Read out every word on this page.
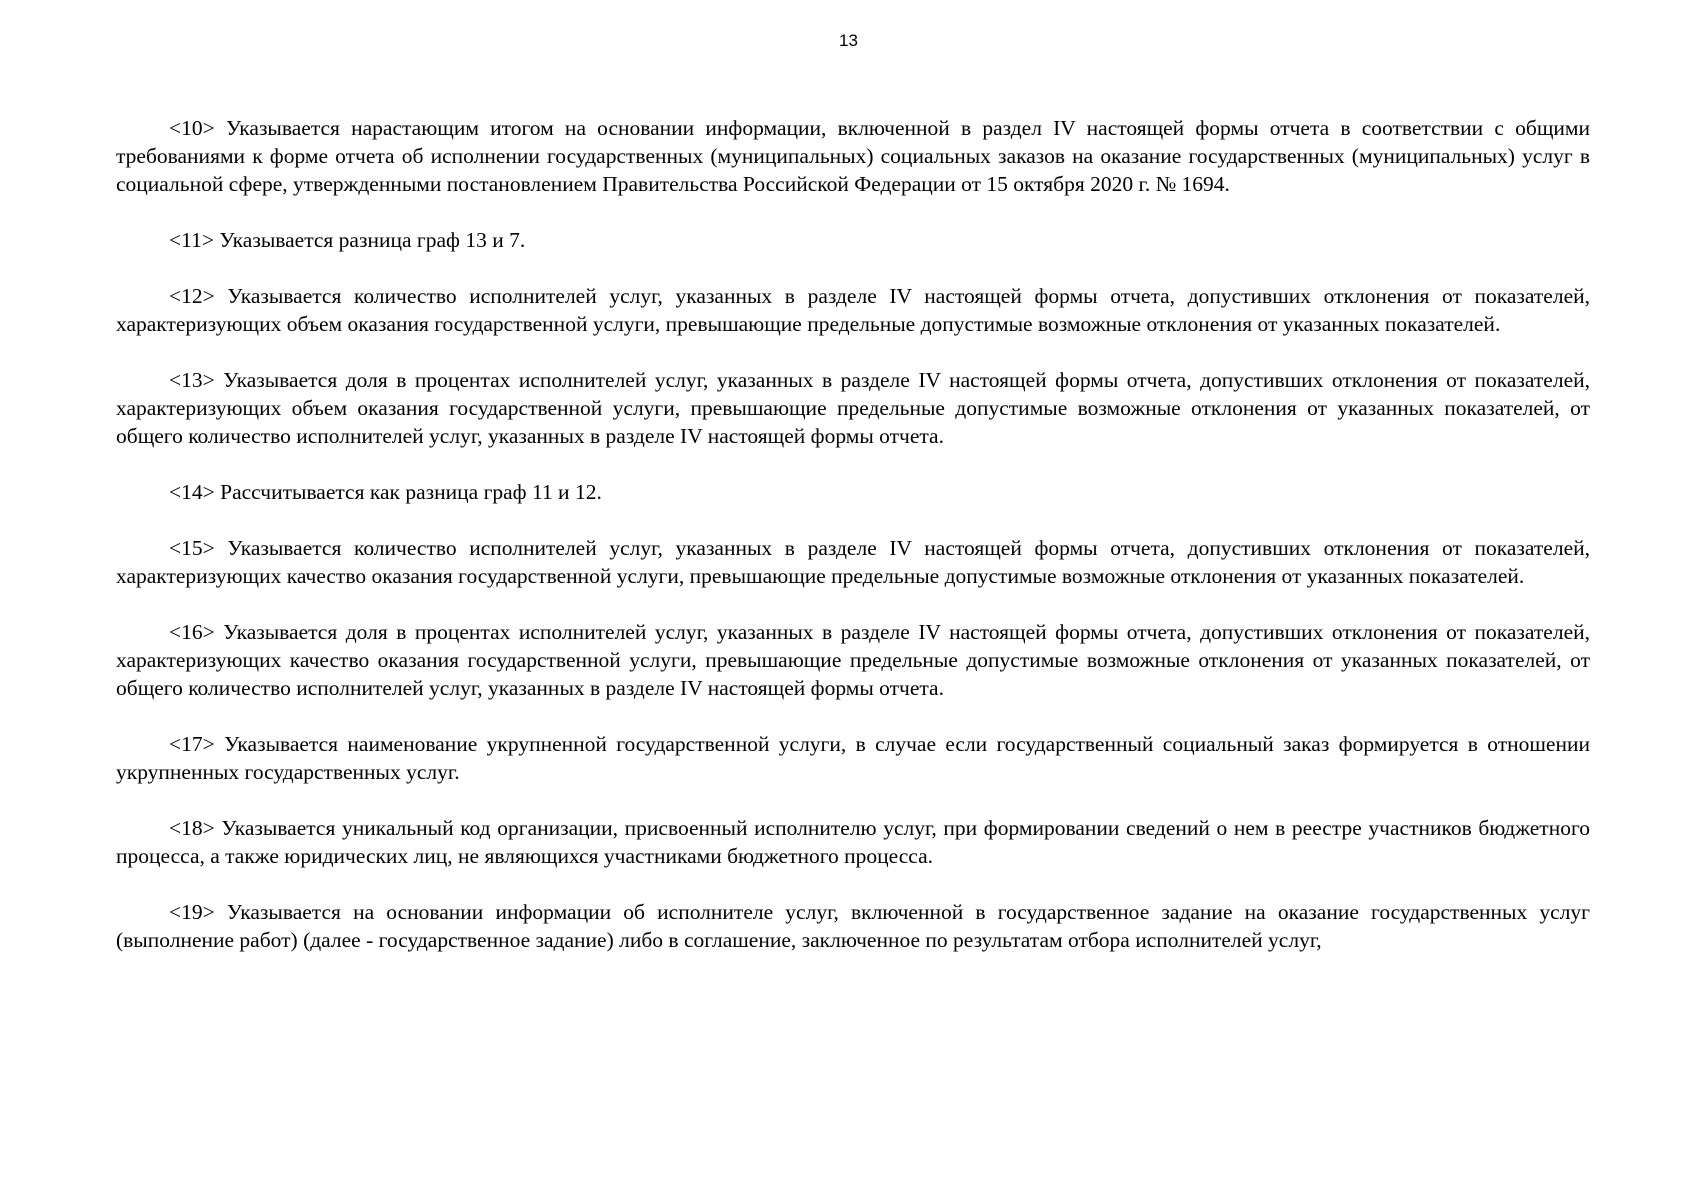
13

<10> Указывается нарастающим итогом на основании информации, включенной в раздел IV настоящей формы отчета в соответствии с общими требованиями к форме отчета об исполнении государственных (муниципальных) социальных заказов на оказание государственных (муниципальных) услуг в социальной сфере, утвержденными постановлением Правительства Российской Федерации от 15 октября 2020 г. № 1694.

<11> Указывается разница граф 13 и 7.

<12> Указывается количество исполнителей услуг, указанных в разделе IV настоящей формы отчета, допустивших отклонения от показателей, характеризующих объем оказания государственной услуги, превышающие предельные допустимые возможные отклонения от указанных показателей.

<13> Указывается доля в процентах исполнителей услуг, указанных в разделе IV настоящей формы отчета, допустивших отклонения от показателей, характеризующих объем оказания государственной услуги, превышающие предельные допустимые возможные отклонения от указанных показателей, от общего количество исполнителей услуг, указанных в разделе IV настоящей формы отчета.

<14> Рассчитывается как разница граф 11 и 12.

<15> Указывается количество исполнителей услуг, указанных в разделе IV настоящей формы отчета, допустивших отклонения от показателей, характеризующих качество оказания государственной услуги, превышающие предельные допустимые возможные отклонения от указанных показателей.

<16> Указывается доля в процентах исполнителей услуг, указанных в разделе IV настоящей формы отчета, допустивших отклонения от показателей, характеризующих качество оказания государственной услуги, превышающие предельные допустимые возможные отклонения от указанных показателей, от общего количество исполнителей услуг, указанных в разделе IV настоящей формы отчета.

<17> Указывается наименование укрупненной государственной услуги, в случае если государственный социальный заказ формируется в отношении укрупненных государственных услуг.

<18> Указывается уникальный код организации, присвоенный исполнителю услуг, при формировании сведений о нем в реестре участников бюджетного процесса, а также юридических лиц, не являющихся участниками бюджетного процесса.

<19> Указывается на основании информации об исполнителе услуг, включенной в государственное задание на оказание государственных услуг (выполнение работ) (далее - государственное задание) либо в соглашение, заключенное по результатам отбора исполнителей услуг,
